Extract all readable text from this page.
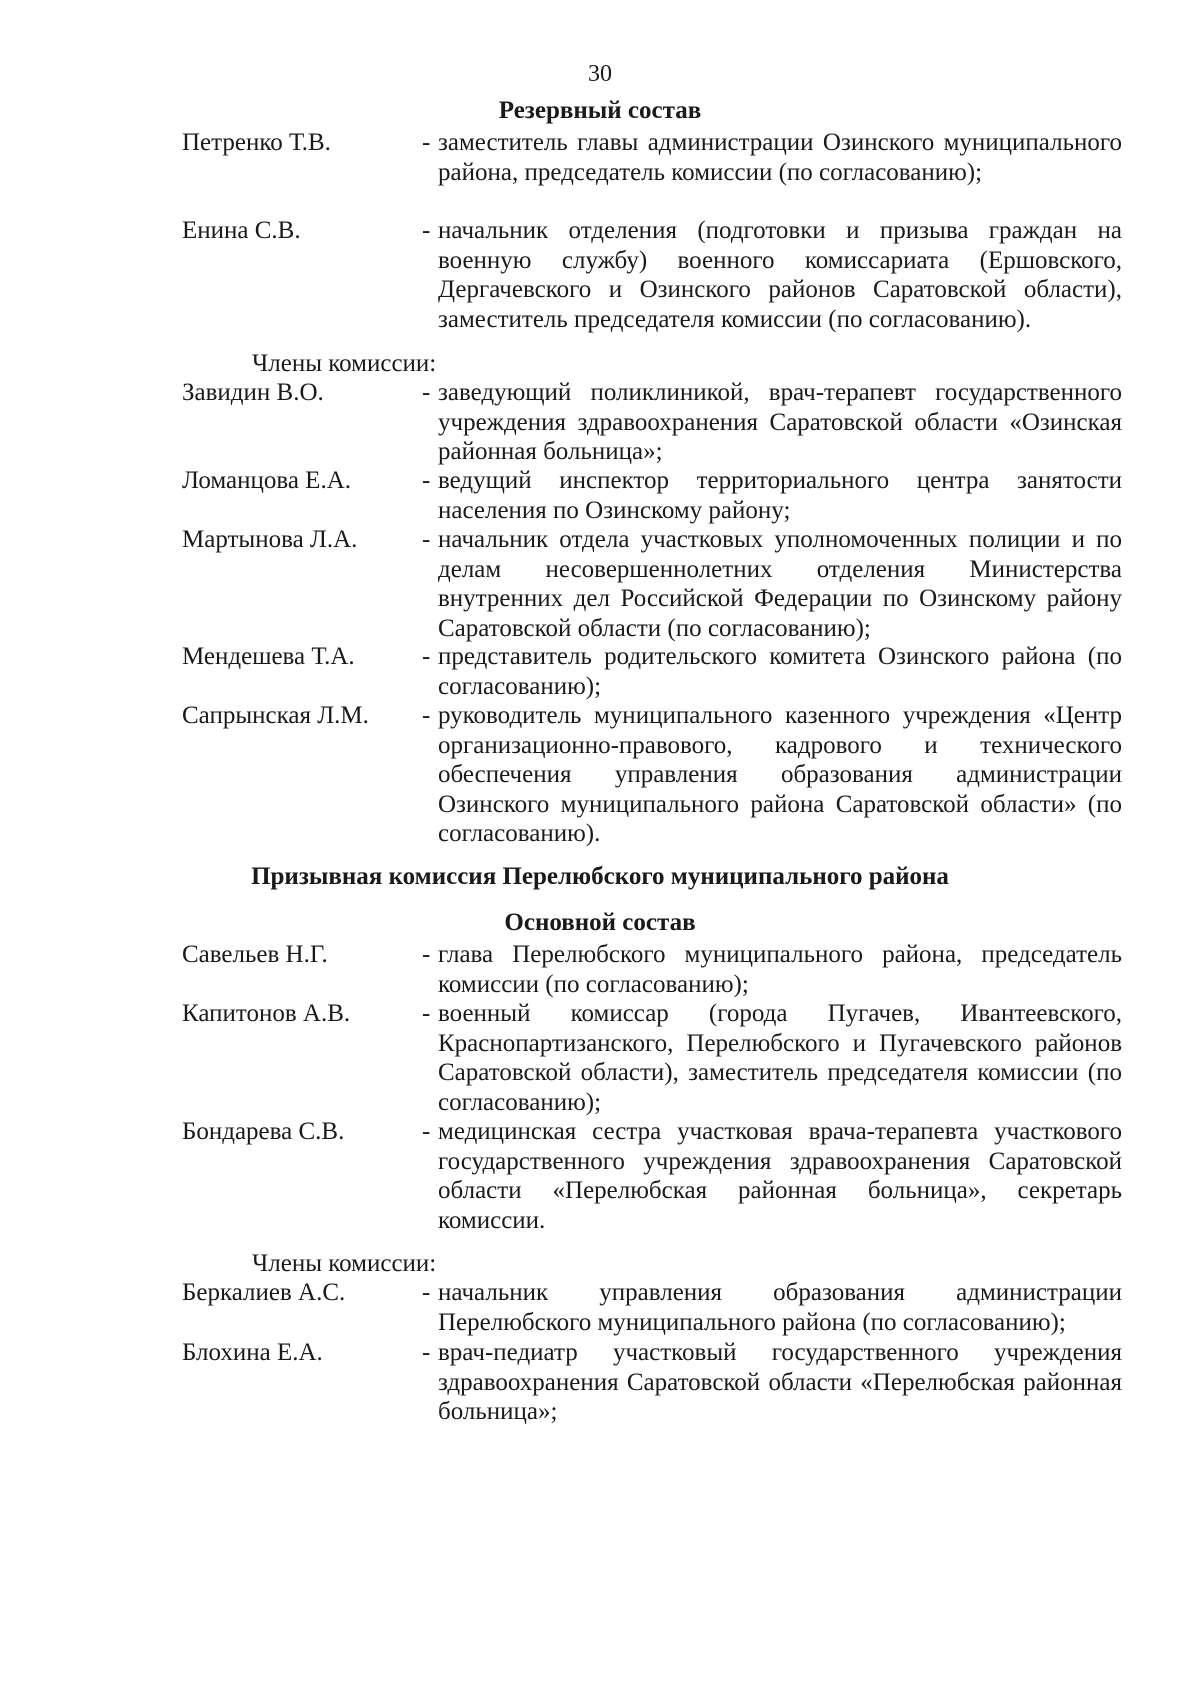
30
Резервный состав
Петренко Т.В.	- заместитель главы администрации Озинского муниципального района, председатель комиссии (по согласованию);
Енина С.В.	- начальник отделения (подготовки и призыва граждан на военную службу) военного комиссариата (Ершовского, Дергачевского и Озинского районов Саратовской области), заместитель председателя комиссии (по согласованию).
Члены комиссии:
Завидин В.О.	- заведующий поликлиникой, врач-терапевт государственного учреждения здравоохранения Саратовской области «Озинская районная больница»;
Ломанцова Е.А.	- ведущий инспектор территориального центра занятости населения по Озинскому району;
Мартынова Л.А.	- начальник отдела участковых уполномоченных полиции и по делам несовершеннолетних отделения Министерства внутренних дел Российской Федерации по Озинскому району Саратовской области (по согласованию);
Мендешева Т.А.	- представитель родительского комитета Озинского района (по согласованию);
Сапрынская Л.М. - руководитель муниципального казенного учреждения «Центр организационно-правового, кадрового и технического обеспечения управления образования администрации Озинского муниципального района Саратовской области» (по согласованию).
Призывная комиссия Перелюбского муниципального района
Основной состав
Савельев Н.Г.	- глава Перелюбского муниципального района, председатель комиссии (по согласованию);
Капитонов А.В.	- военный комиссар (города Пугачев, Ивантеевского, Краснопартизанского, Перелюбского и Пугачевского районов Саратовской области), заместитель председателя комиссии (по согласованию);
Бондарева С.В.	- медицинская сестра участковая врача-терапевта участкового государственного учреждения здравоохранения Саратовской области «Перелюбская районная больница», секретарь комиссии.
Члены комиссии:
Беркалиев А.С.	- начальник управления образования администрации Перелюбского муниципального района (по согласованию);
Блохина Е.А.	- врач-педиатр участковый государственного учреждения здравоохранения Саратовской области «Перелюбская районная больница»;
